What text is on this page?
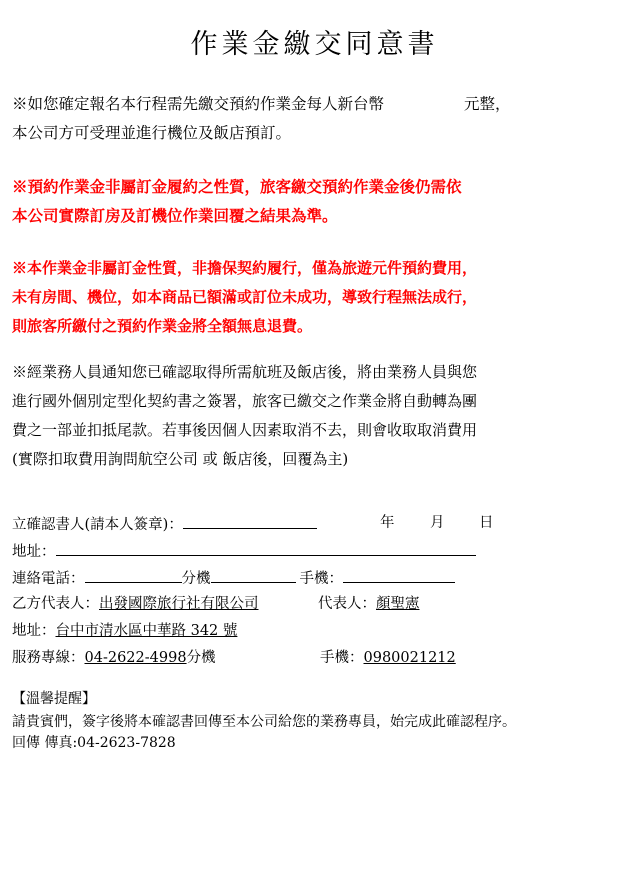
作業金繳交同意書
※如您確定報名本行程需先繳交預約作業金每人新台幣	元整，
本公司方可受理並進行機位及飯店預訂。
※預約作業金非屬訂金履約之性質，旅客繳交預約作業金後仍需依
本公司實際訂房及訂機位作業回覆之結果為準。
※本作業金非屬訂金性質，非擔保契約履行，僅為旅遊元件預約費用，
未有房間、機位，如本商品已額滿或訂位未成功，導致行程無法成行，
則旅客所繳付之預約作業金將全額無息退費。
※經業務人員通知您已確認取得所需航班及飯店後，將由業務人員與您
進行國外個別定型化契約書之簽署，旅客已繳交之作業金將自動轉為團
費之一部並扣抵尾款。若事後因個人因素取消不去，則會收取取消費用
(實際扣取費用詢問航空公司 或 飯店後，回覆為主)
立確認書人(請本人簽章)：	年 月 日
地址：
連絡電話：	分機	手機：
乙方代表人：出發國際旅行社有限公司	代表人：顏聖憲
地址：台中市清水區中華路 342 號
服務專線：04-2622-4998分機	手機：0980021212
【溫馨提醒】
請貴賓們，簽字後將本確認書回傳至本公司給您的業務專員，始完成此確認程序。
回傳 傳真:04-2623-7828
